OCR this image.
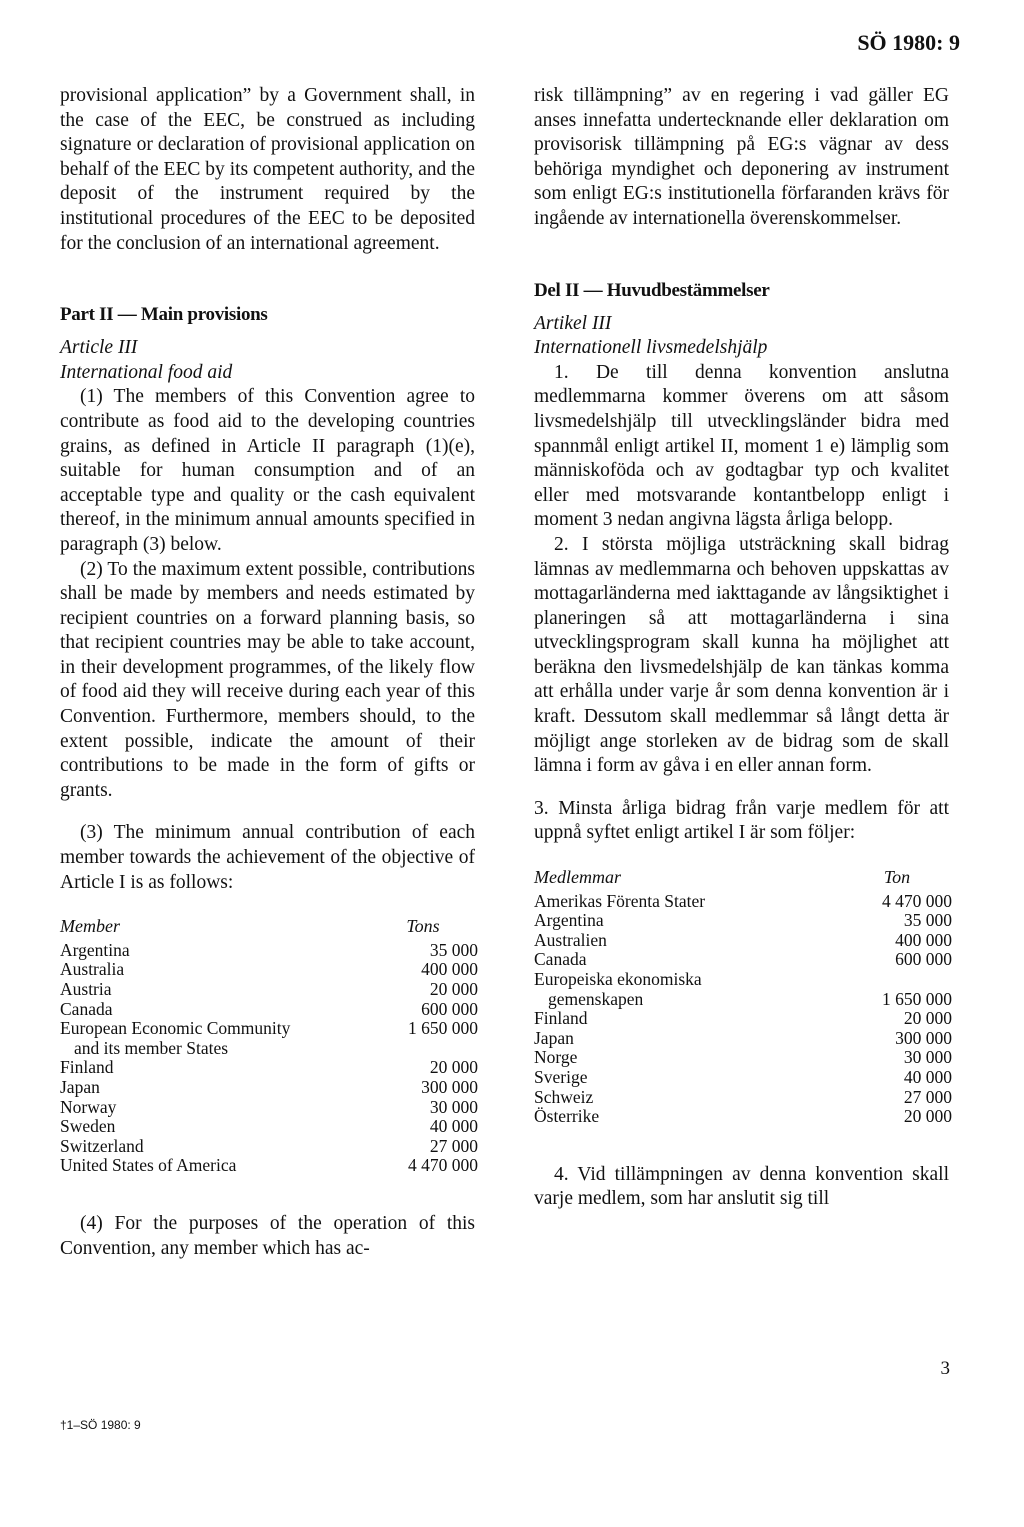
SÖ 1980: 9

provisional application” by a Government shall, in the case of the EEC, be construed as including signature or declaration of provisional application on behalf of the EEC by its competent authority, and the deposit of the instrument required by the institutional procedures of the EEC to be deposited for the conclusion of an international agreement.

Part II — Main provisions
Article III
International food aid

(1) The members of this Convention agree to contribute as food aid to the developing countries grains, as defined in Article II paragraph (1)(e), suitable for human consumption and of an acceptable type and quality or the cash equivalent thereof, in the minimum annual amounts specified in paragraph (3) below.

(2) To the maximum extent possible, contributions shall be made by members and needs estimated by recipient countries on a forward planning basis, so that recipient countries may be able to take account, in their development programmes, of the likely flow of food aid they will receive during each year of this Convention. Furthermore, members should, to the extent possible, indicate the amount of their contributions to be made in the form of gifts or grants.

(3) The minimum annual contribution of each member towards the achievement of the objective of Article I is as follows:

Member	Tons
Argentina	35 000
Australia	400 000
Austria	20 000
Canada	600 000
European Economic Community	1 650 000
and its member States	
Finland	20 000
Japan	300 000
Norway	30 000
Sweden	40 000
Switzerland	27 000
United States of America	4 470 000

(4) For the purposes of the operation of this Convention, any member which has ac-

risk tillämpning” av en regering i vad gäller EG anses innefatta undertecknande eller deklaration om provisorisk tillämpning på EG:s vägnar av dess behöriga myndighet och deponering av instrument som enligt EG:s institutionella förfaranden krävs för ingående av internationella överenskommelser.

Del II — Huvudbestämmelser
Artikel III
Internationell livsmedelshjälp

1. De till denna konvention anslutna medlemmarna kommer överens om att såsom livsmedelshjälp till utvecklingsländer bidra med spannmål enligt artikel II, moment 1 e) lämplig som människoföda och av godtagbar typ och kvalitet eller med motsvarande kontantbelopp enligt i moment 3 nedan angivna lägsta årliga belopp.

2. I största möjliga utsträckning skall bidrag lämnas av medlemmarna och behoven uppskattas av mottagarländerna med iakttagande av långsiktighet i planeringen så att mottagarländerna i sina utvecklingsprogram skall kunna ha möjlighet att beräkna den livsmedelshjälp de kan tänkas komma att erhålla under varje år som denna konvention är i kraft. Dessutom skall medlemmar så långt detta är möjligt ange storleken av de bidrag som de skall lämna i form av gåva i en eller annan form.

3. Minsta årliga bidrag från varje medlem för att uppnå syftet enligt artikel I är som följer:

Medlemmar	Ton
Amerikas Förenta Stater	4 470 000
Argentina	35 000
Australien	400 000
Canada	600 000
Europeiska ekonomiska	
gemenskapen	1 650 000
Finland	20 000
Japan	300 000
Norge	30 000
Sverige	40 000
Schweiz	27 000
Österrike	20 000

4. Vid tillämpningen av denna konvention skall varje medlem, som har anslutit sig till

3
†1–SÖ 1980: 9
